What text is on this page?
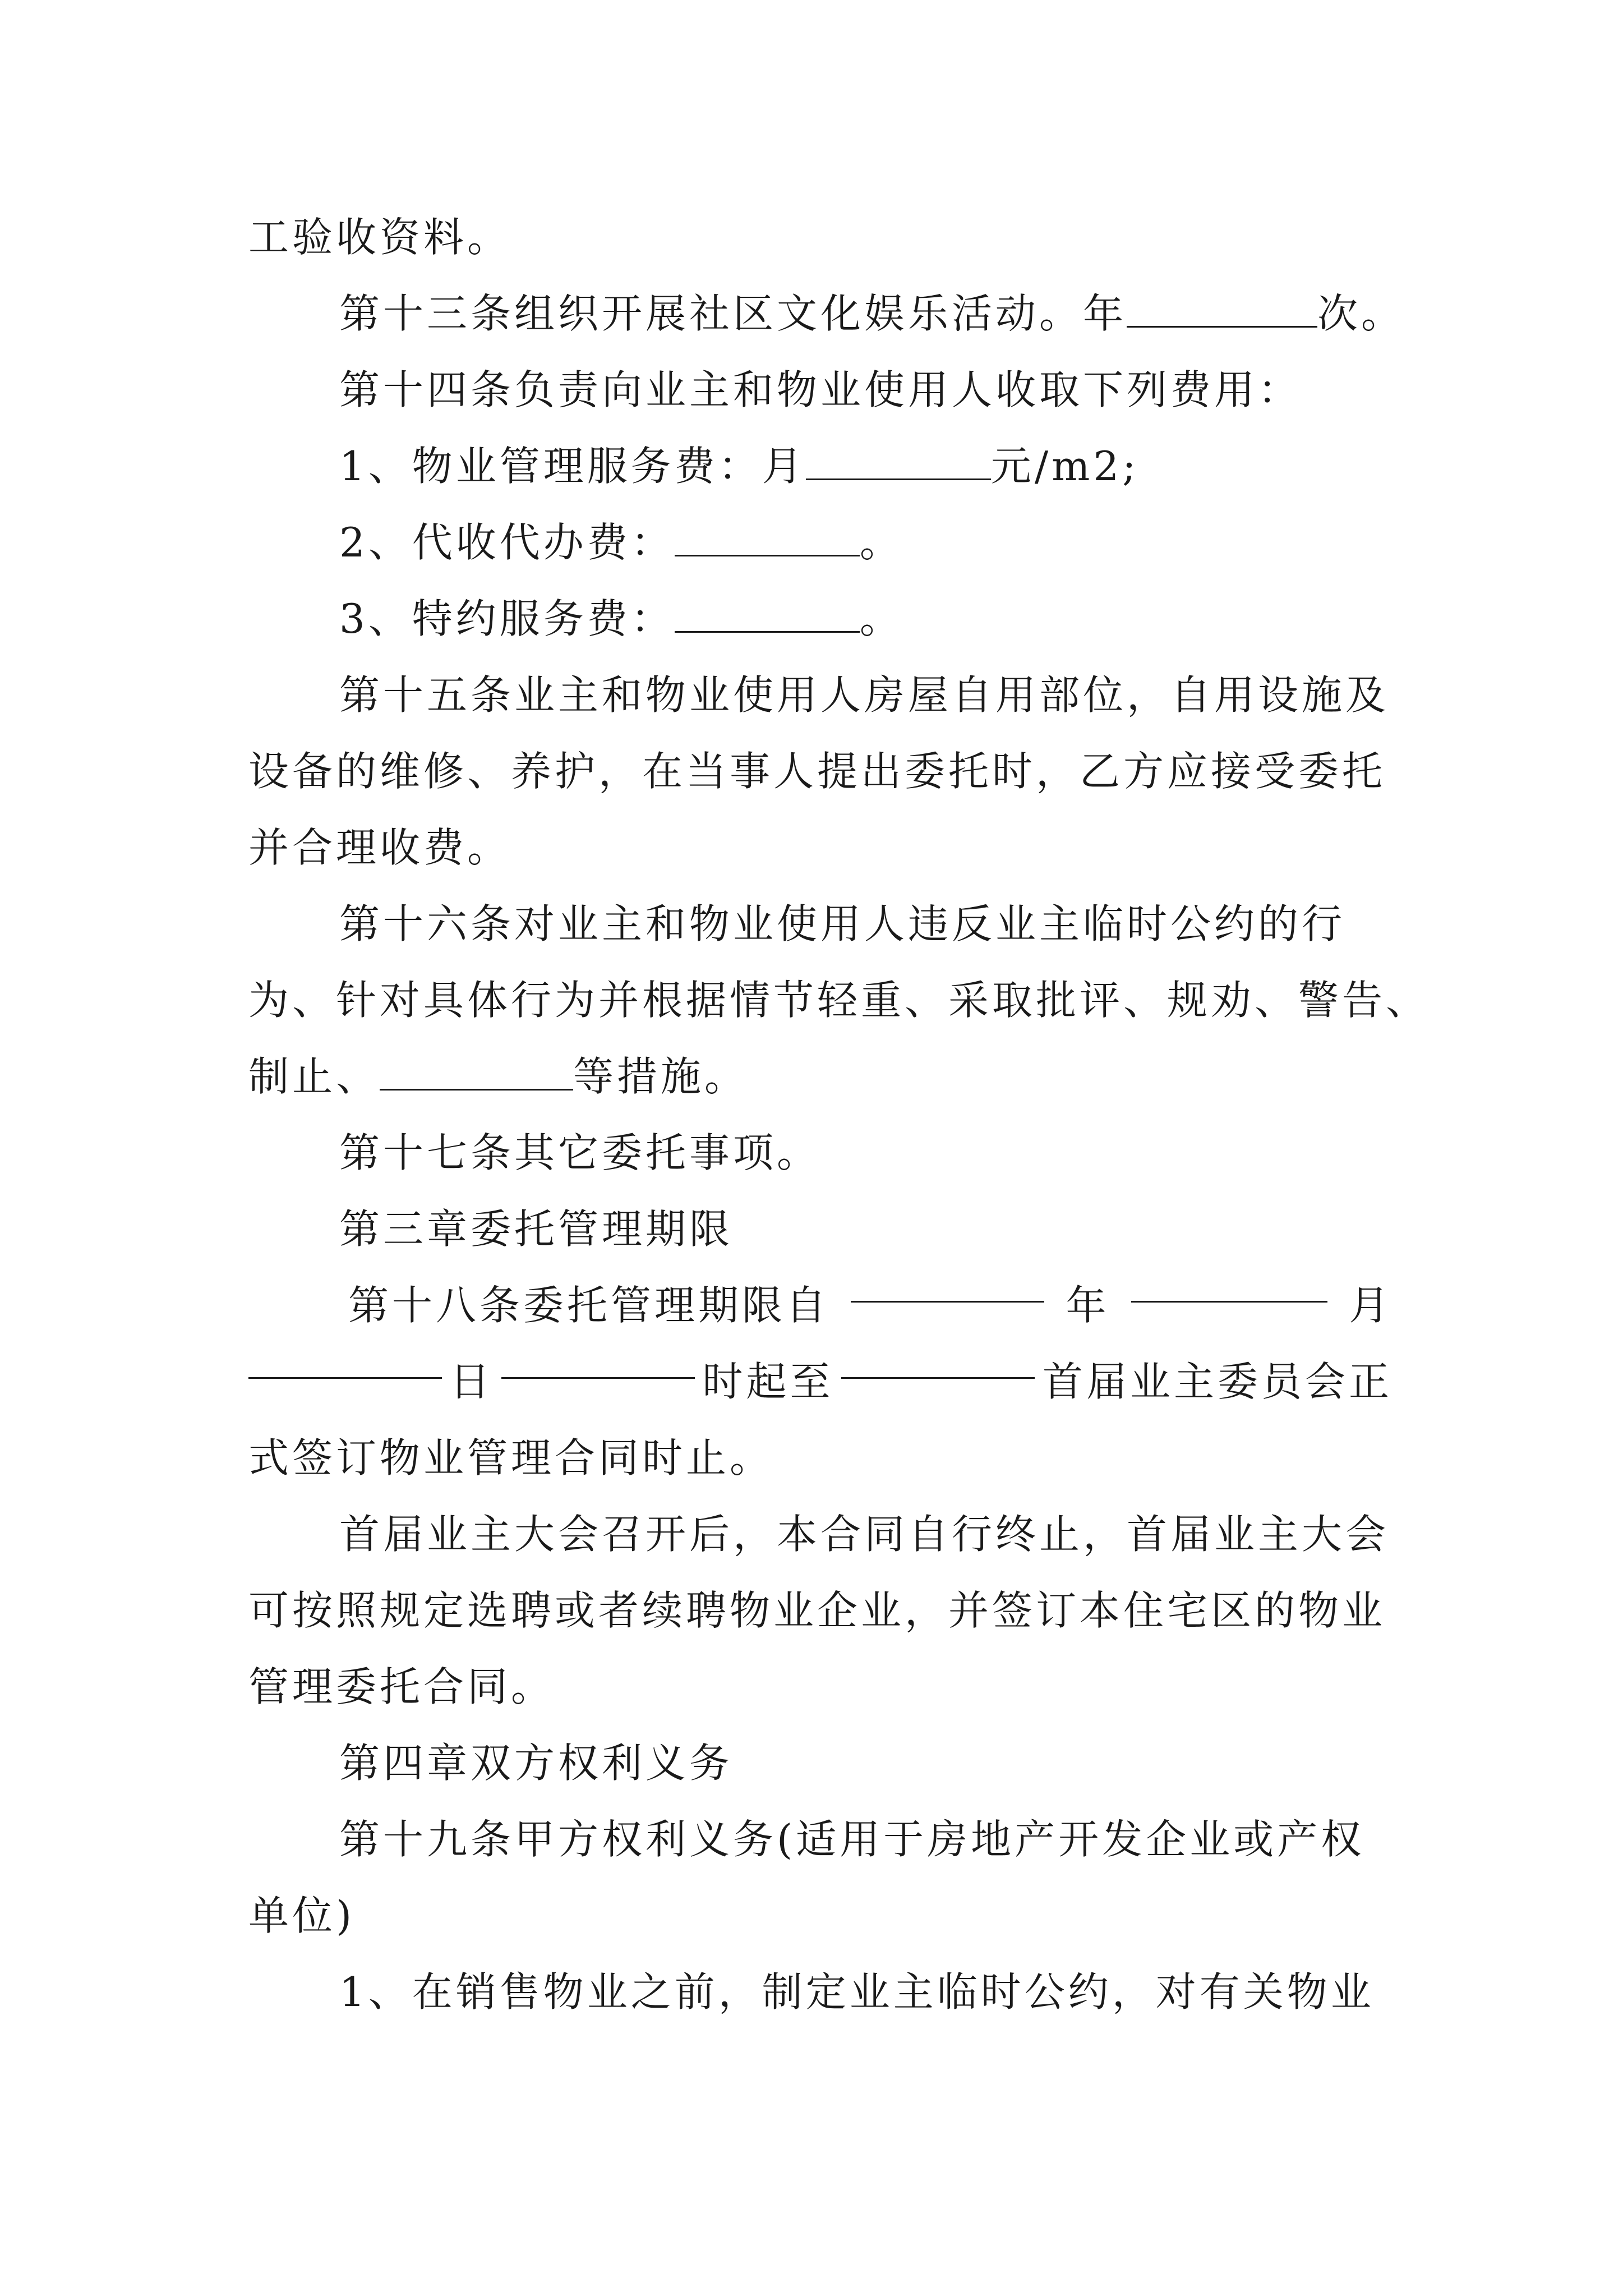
工验收资料。
第十三条组织开展社区文化娱乐活动。年	次。
第十四条负责向业主和物业使用人收取下列费用：
1、物业管理服务费：月	元/m2;
2、代收代办费：	。
3、特约服务费：	。
第十五条业主和物业使用人房屋自用部位，自用设施及
设备的维修、养护，在当事人提出委托时，乙方应接受委托
并合理收费。
第十六条对业主和物业使用人违反业主临时公约的行
为、针对具体行为并根据情节轻重、采取批评、规劝、警告、
制止、	等措施。
第十七条其它委托事项。
第三章委托管理期限
第十八条委托管理期限自	年	月
日	时起至	首届业主委员会正
式签订物业管理合同时止。
首届业主大会召开后，本合同自行终止，首届业主大会
可按照规定选聘或者续聘物业企业，并签订本住宅区的物业
管理委托合同。
第四章双方权利义务
第十九条甲方权利义务(适用于房地产开发企业或产权
单位)
1、在销售物业之前，制定业主临时公约，对有关物业
